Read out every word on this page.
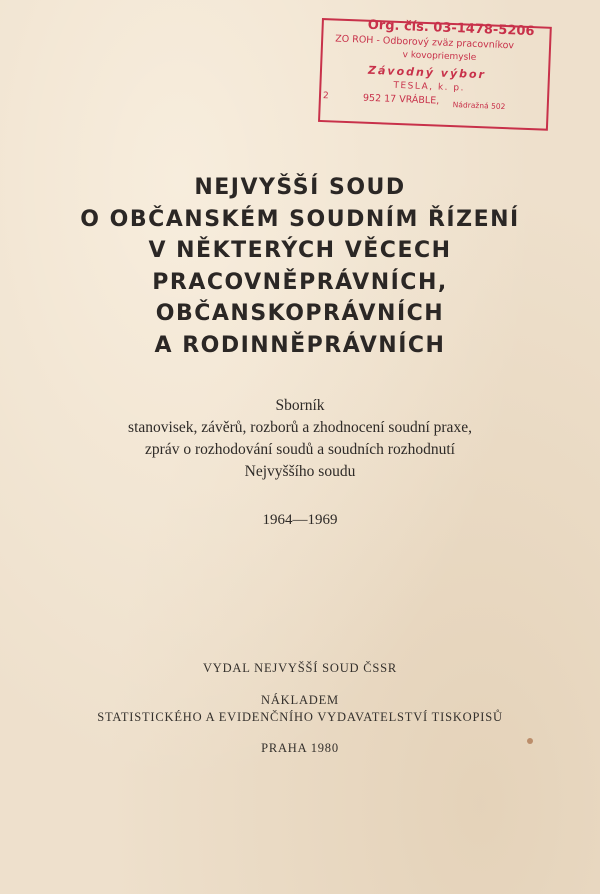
Org. čís. 03-1478-5206
ZO ROH - Odborový zväz pracovníkov
v kovopriemysle
Závodný výbor
TESLA, k. p.
2	952 17 VRÁBLE, Nádražná 502
NEJVYŠŠÍ SOUD
O OBČANSKÉM SOUDNÍM ŘÍZENÍ
V NĚKTERÝCH VĚCECH
PRACOVNĚPRÁVNÍCH,
OBČANSKOPRÁVNÍCH
A RODINNĚPRÁVNÍCH
Sborník
stanovisek, závěrů, rozborů a zhodnocení soudní praxe,
zpráv o rozhodování soudů a soudních rozhodnutí
Nejvyššího soudu
1964—1969
VYDAL NEJVYŠŠÍ SOUD ČSSR
NÁKLADEM
STATISTICKÉHO A EVIDENČNÍHO VYDAVATELSTVÍ TISKOPISŮ
PRAHA 1980
